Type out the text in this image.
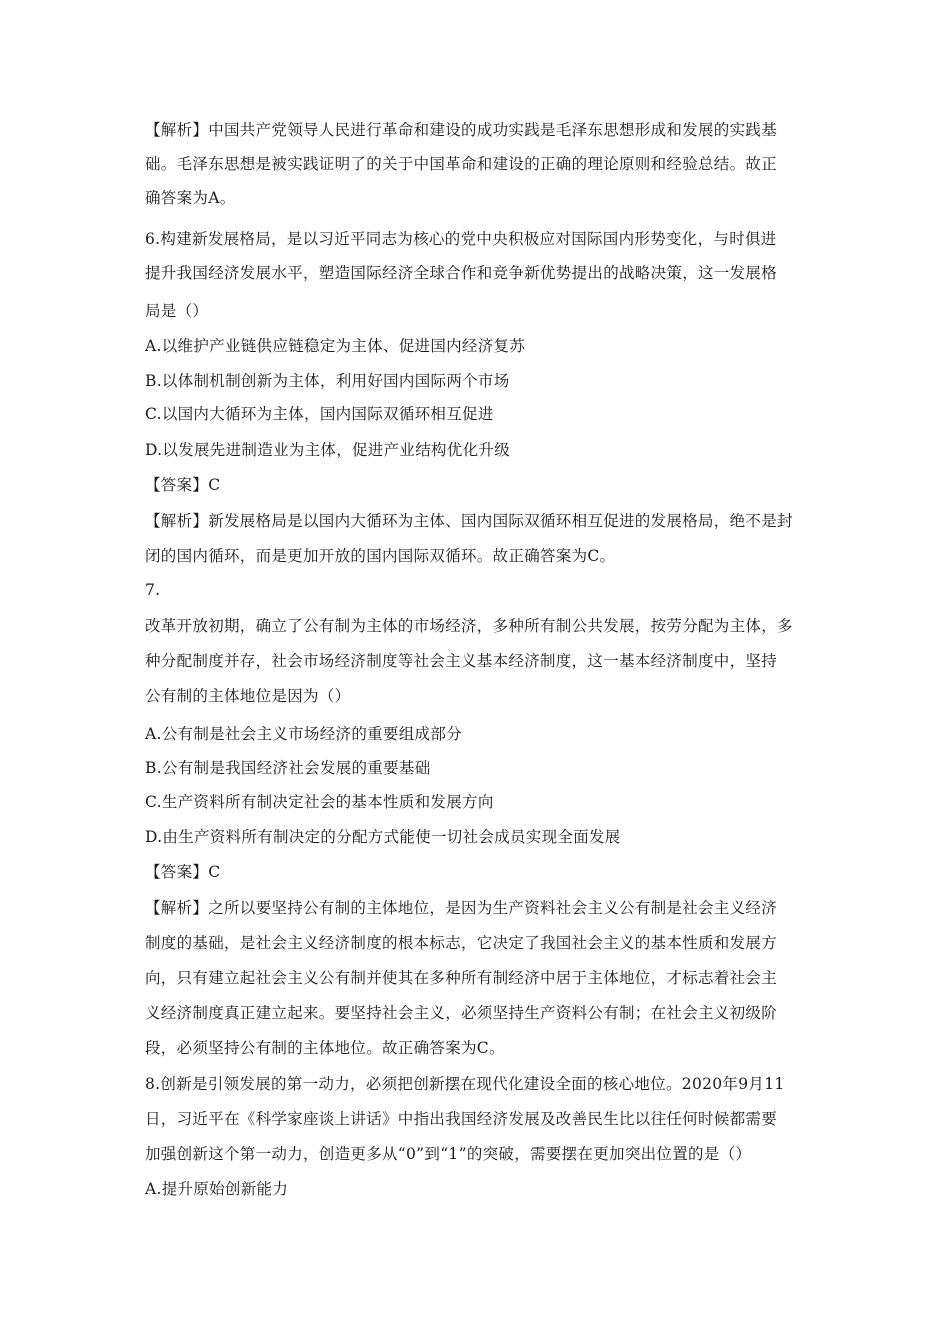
【解析】中国共产党领导人民进行革命和建设的成功实践是毛泽东思想形成和发展的实践基
础。毛泽东思想是被实践证明了的关于中国革命和建设的正确的理论原则和经验总结。故正
确答案为A。
6.构建新发展格局，是以习近平同志为核心的党中央积极应对国际国内形势变化，与时俱进
提升我国经济发展水平，塑造国际经济全球合作和竞争新优势提出的战略决策，这一发展格
局是（）
A.以维护产业链供应链稳定为主体、促进国内经济复苏
B.以体制机制创新为主体，利用好国内国际两个市场
C.以国内大循环为主体，国内国际双循环相互促进
D.以发展先进制造业为主体，促进产业结构优化升级
【答案】C
【解析】新发展格局是以国内大循环为主体、国内国际双循环相互促进的发展格局，绝不是封
闭的国内循环，而是更加开放的国内国际双循环。故正确答案为C。
7.
改革开放初期，确立了公有制为主体的市场经济，多种所有制公共发展，按劳分配为主体，多
种分配制度并存，社会市场经济制度等社会主义基本经济制度，这一基本经济制度中，坚持
公有制的主体地位是因为（）
A.公有制是社会主义市场经济的重要组成部分
B.公有制是我国经济社会发展的重要基础
C.生产资料所有制决定社会的基本性质和发展方向
D.由生产资料所有制决定的分配方式能使一切社会成员实现全面发展
【答案】C
【解析】之所以要坚持公有制的主体地位，是因为生产资料社会主义公有制是社会主义经济
制度的基础，是社会主义经济制度的根本标志，它决定了我国社会主义的基本性质和发展方
向，只有建立起社会主义公有制并使其在多种所有制经济中居于主体地位，才标志着社会主
义经济制度真正建立起来。要坚持社会主义，必须坚持生产资料公有制；在社会主义初级阶
段，必须坚持公有制的主体地位。故正确答案为C。
8.创新是引领发展的第一动力，必须把创新摆在现代化建设全面的核心地位。2020年9月11
日，习近平在《科学家座谈上讲话》中指出我国经济发展及改善民生比以往任何时候都需要
加强创新这个第一动力，创造更多从“0”到“1”的突破，需要摆在更加突出位置的是（）
A.提升原始创新能力
